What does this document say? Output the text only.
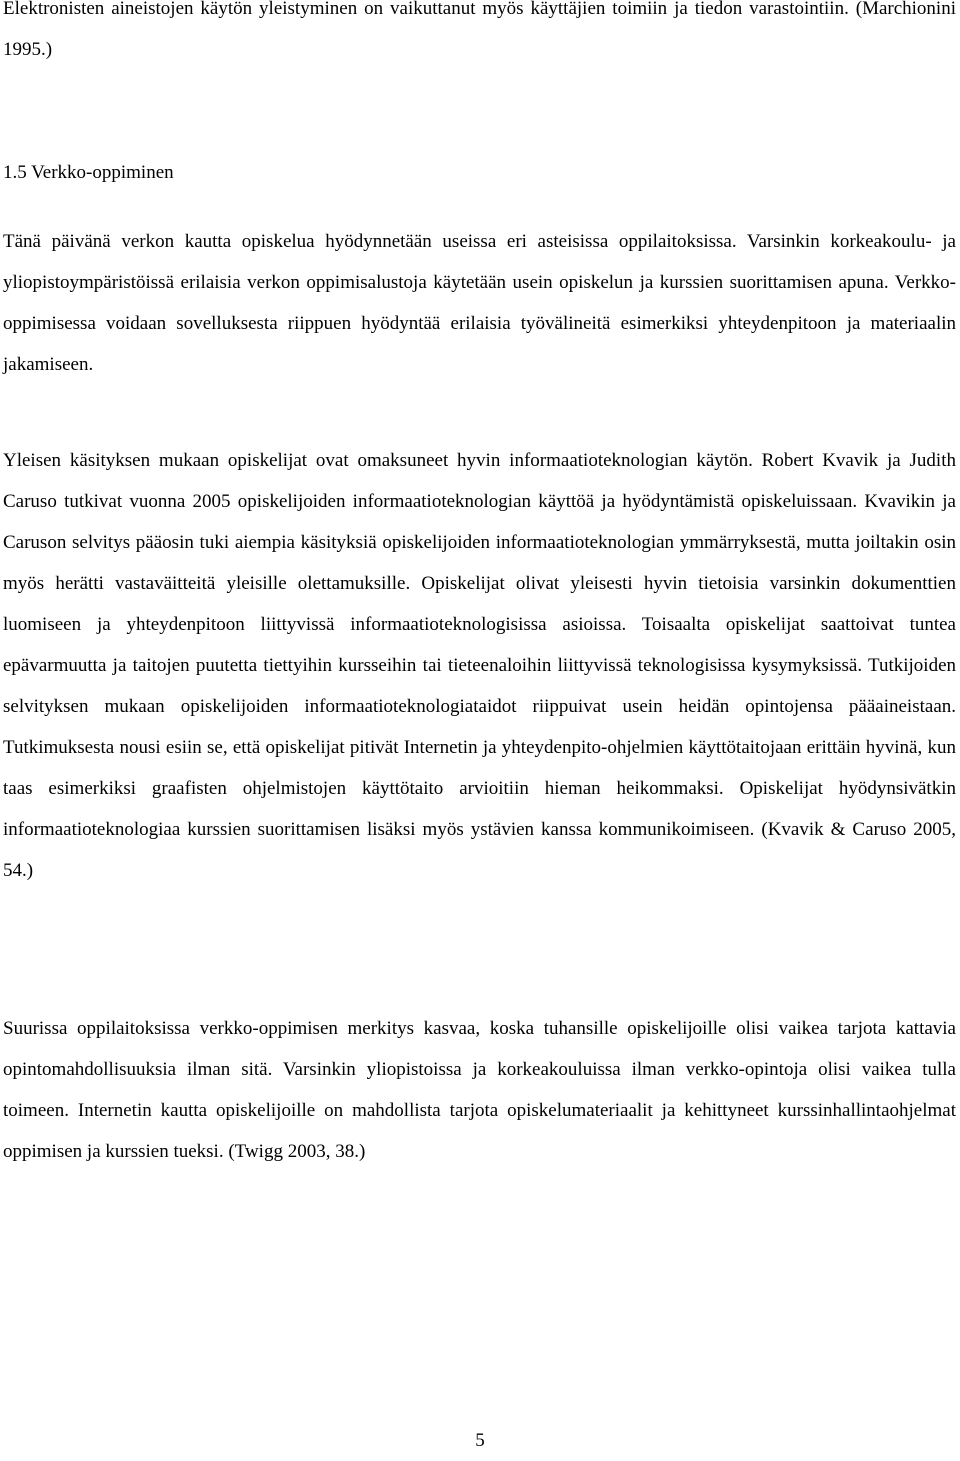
Elektronisten aineistojen käytön yleistyminen on vaikuttanut myös käyttäjien toimiin ja tiedon varastointiin. (Marchionini 1995.)

1.5 Verkko-oppiminen

Tänä päivänä verkon kautta opiskelua hyödynnetään useissa eri asteisissa oppilaitoksissa. Varsinkin korkeakoulu- ja yliopistoympäristöissä erilaisia verkon oppimisalustoja käytetään usein opiskelun ja kurssien suorittamisen apuna. Verkko-oppimisessa voidaan sovelluksesta riippuen hyödyntää erilaisia työvälineitä esimerkiksi yhteydenpitoon ja materiaalin jakamiseen.

Yleisen käsityksen mukaan opiskelijat ovat omaksuneet hyvin informaatioteknologian käytön. Robert Kvavik ja Judith Caruso tutkivat vuonna 2005 opiskelijoiden informaatioteknologian käyttöä ja hyödyntämistä opiskeluissaan. Kvavikin ja Caruson selvitys pääosin tuki aiempia käsityksiä opiskelijoiden informaatioteknologian ymmärryksestä, mutta joiltakin osin myös herätti vastaväitteitä yleisille olettamuksille. Opiskelijat olivat yleisesti hyvin tietoisia varsinkin dokumenttien luomiseen ja yhteydenpitoon liittyvissä informaatioteknologisissa asioissa. Toisaalta opiskelijat saattoivat tuntea epävarmuutta ja taitojen puutetta tiettyihin kursseihin tai tieteenaloihin liittyvissä teknologisissa kysymyksissä. Tutkijoiden selvityksen mukaan opiskelijoiden informaatioteknologiataidot riippuivat usein heidän opintojensa pääaineistaan. Tutkimuksesta nousi esiin se, että opiskelijat pitivät Internetin ja yhteydenpito-ohjelmien käyttötaitojaan erittäin hyvinä, kun taas esimerkiksi graafisten ohjelmistojen käyttötaito arvioitiin hieman heikommaksi. Opiskelijat hyödynsivätkin informaatioteknologiaa kurssien suorittamisen lisäksi myös ystävien kanssa kommunikoimiseen. (Kvavik & Caruso 2005, 54.)

Suurissa oppilaitoksissa verkko-oppimisen merkitys kasvaa, koska tuhansille opiskelijoille olisi vaikea tarjota kattavia opintomahdollisuuksia ilman sitä. Varsinkin yliopistoissa ja korkeakouluissa ilman verkko-opintoja olisi vaikea tulla toimeen. Internetin kautta opiskelijoille on mahdollista tarjota opiskelumateriaalit ja kehittyneet kurssinhallintaohjelmat oppimisen ja kurssien tueksi. (Twigg 2003, 38.)

5
